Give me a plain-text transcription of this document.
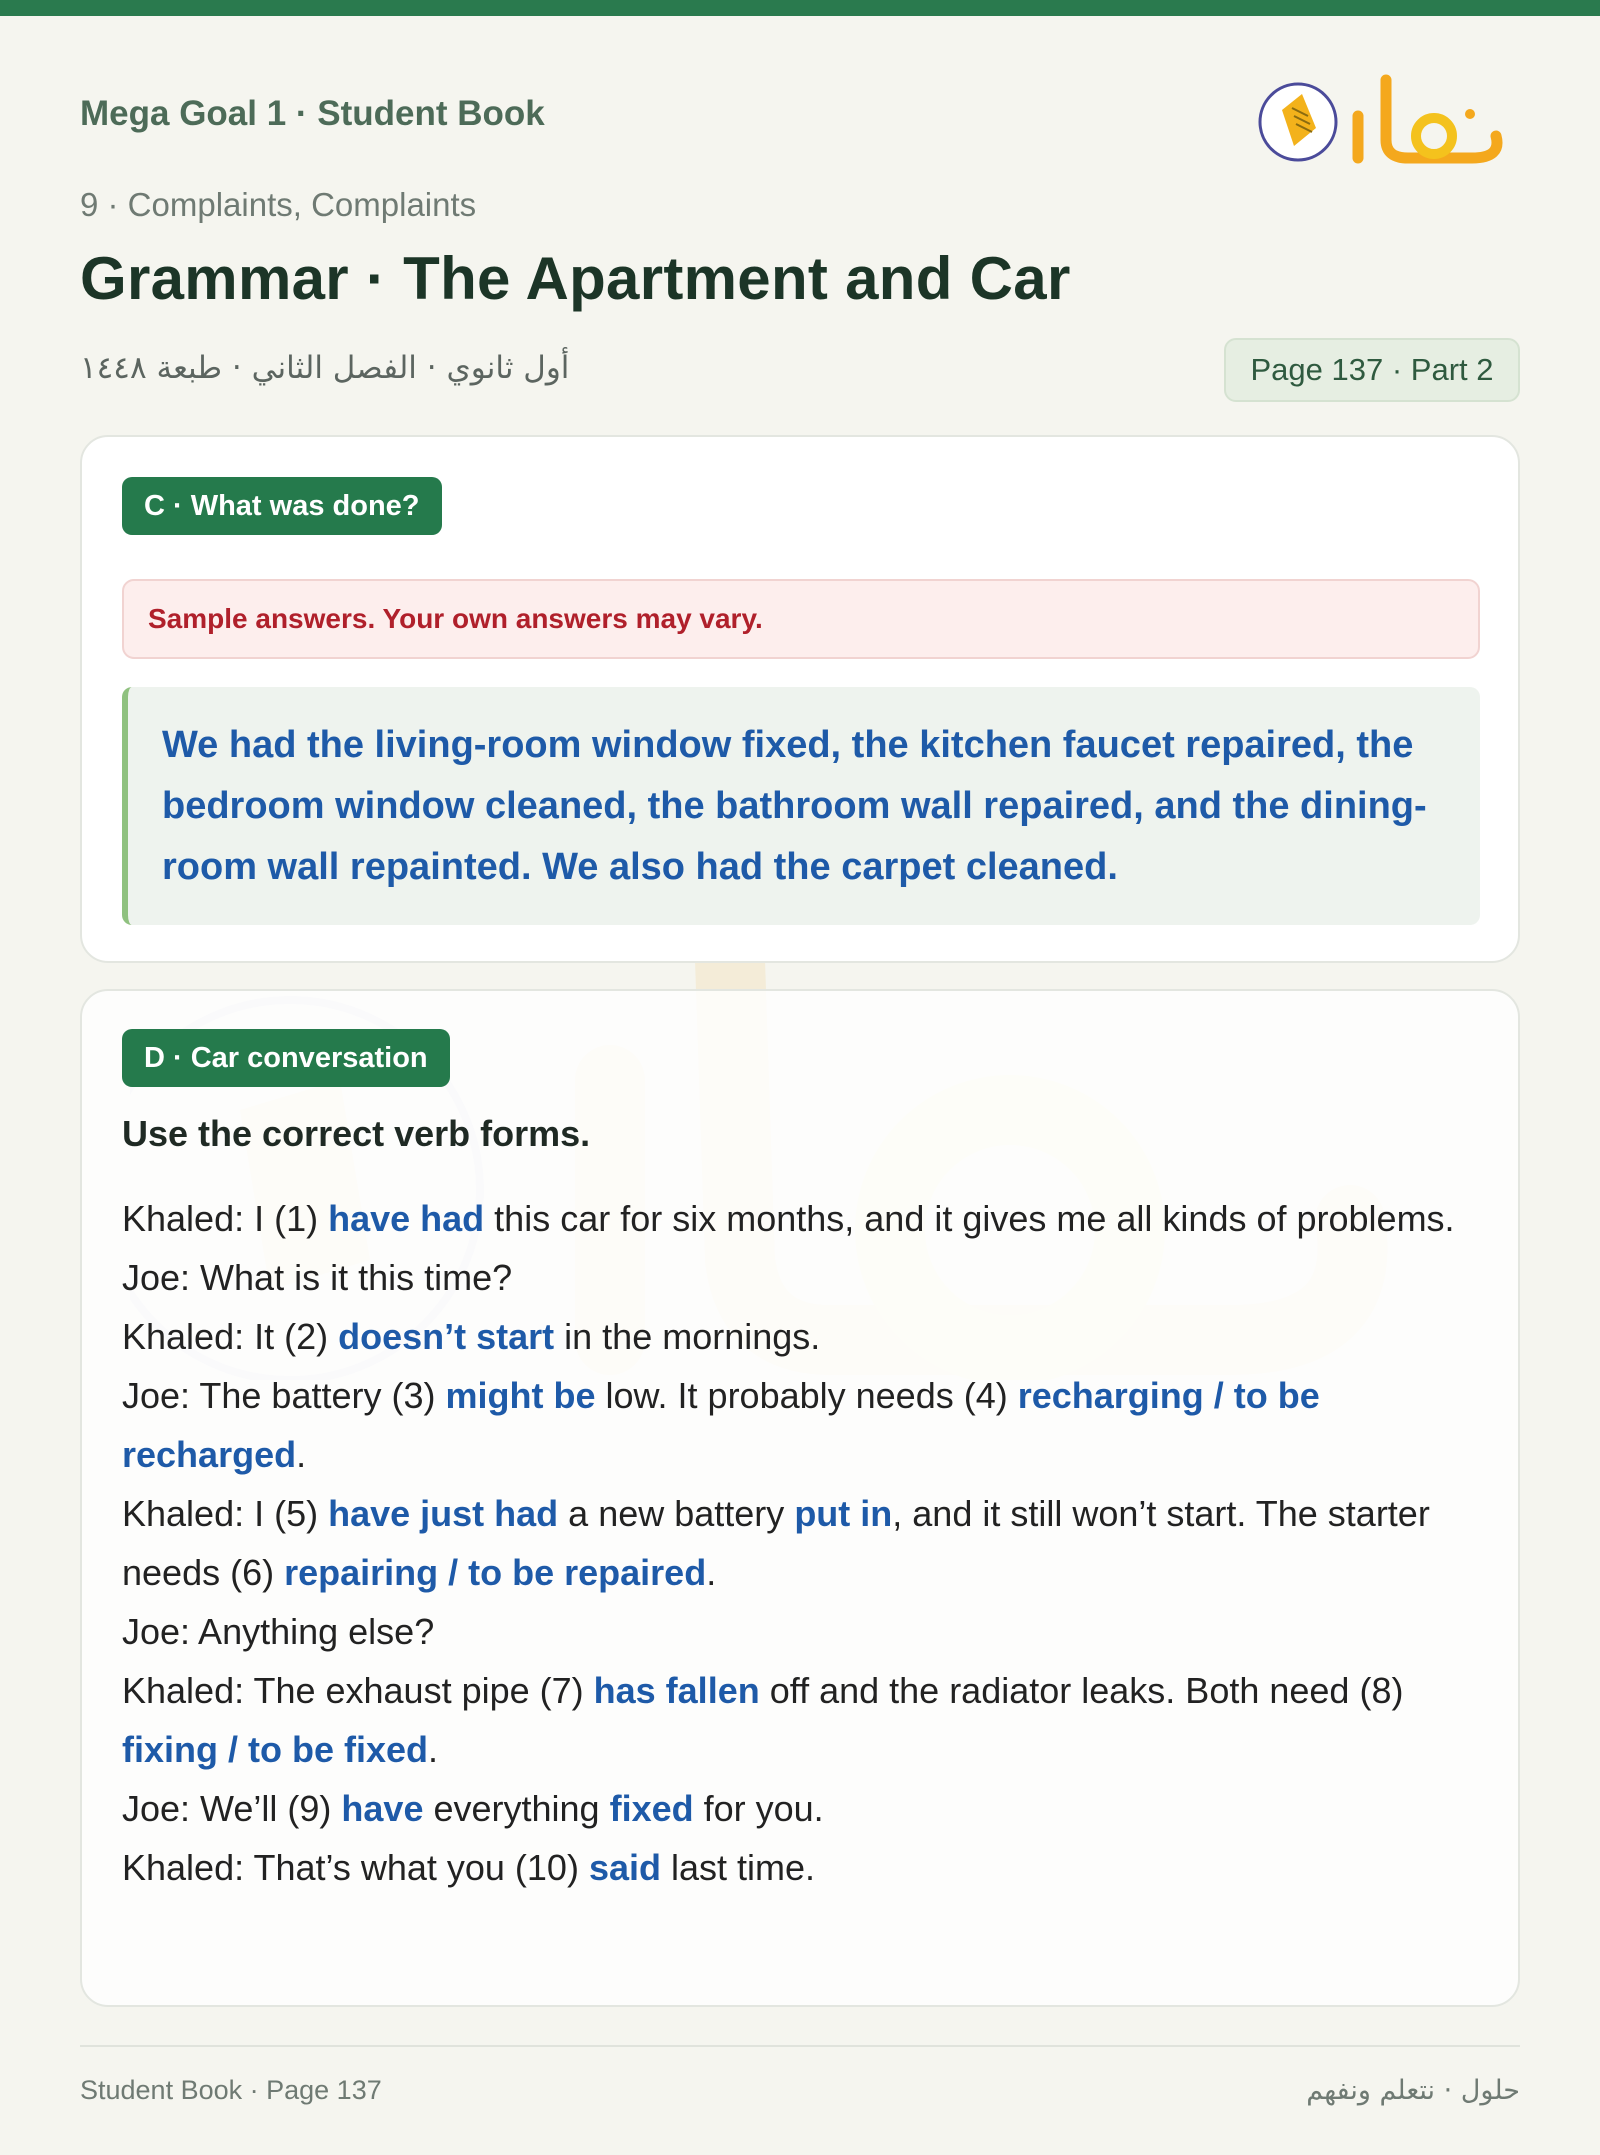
Mega Goal 1 · Student Book
9 · Complaints, Complaints
Grammar · The Apartment and Car
أول ثانوي · الفصل الثاني · طبعة ١٤٤٨	Page 137 · Part 2
C · What was done?
Sample answers. Your own answers may vary.
We had the living-room window fixed, the kitchen faucet repaired, the bedroom window cleaned, the bathroom wall repaired, and the dining-room wall repainted. We also had the carpet cleaned.
D · Car conversation
Use the correct verb forms.

Khaled: I (1) have had this car for six months, and it gives me all kinds of problems.

Joe: What is it this time?

Khaled: It (2) doesn’t start in the mornings.

Joe: The battery (3) might be low. It probably needs (4) recharging / to be recharged.

Khaled: I (5) have just had a new battery put in, and it still won’t start. The starter needs (6) repairing / to be repaired.

Joe: Anything else?

Khaled: The exhaust pipe (7) has fallen off and the radiator leaks. Both need (8) fixing / to be fixed.

Joe: We’ll (9) have everything fixed for you.

Khaled: That’s what you (10) said last time.

Student Book · Page 137	حلول · نتعلم ونفهم
